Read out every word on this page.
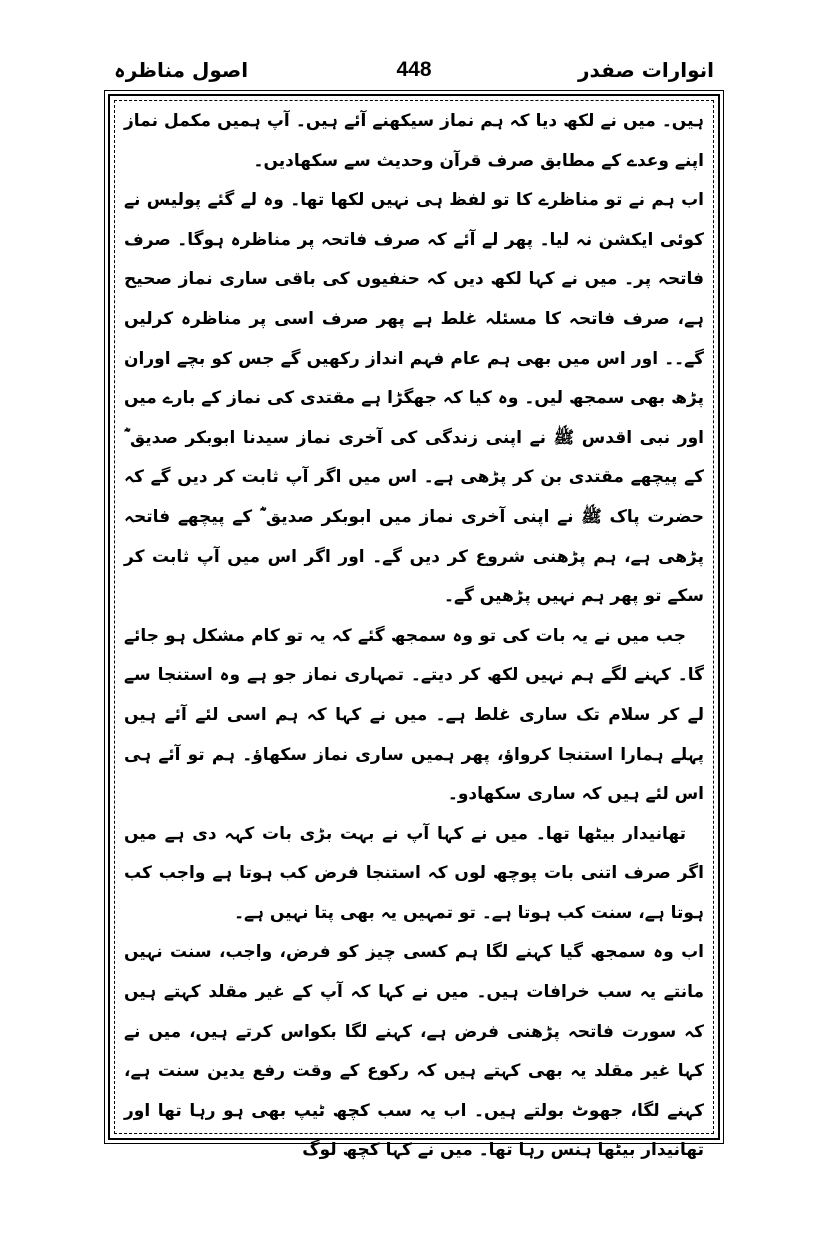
انوارات صفدر
448
اصول مناظرہ

ہیں۔ میں نے لکھ دیا کہ ہم نماز سیکھنے آئے ہیں۔ آپ ہمیں مکمل نماز اپنے وعدے کے مطابق صرف قرآن وحدیث سے سکھادیں۔

اب ہم نے تو مناظرے کا تو لفظ ہی نہیں لکھا تھا۔ وہ لے گئے پولیس نے کوئی ایکشن نہ لیا۔ پھر لے آئے کہ صرف فاتحہ پر مناظرہ ہوگا۔ صرف فاتحہ پر۔ میں نے کہا لکھ دیں کہ حنفیوں کی باقی ساری نماز صحیح ہے، صرف فاتحہ کا مسئلہ غلط ہے پھر صرف اسی پر مناظرہ کرلیں گے۔۔ اور اس میں بھی ہم عام فہم انداز رکھیں گے جس کو بچے اوران پڑھ بھی سمجھ لیں۔ وہ کیا کہ جھگڑا ہے مقتدی کی نماز کے بارے میں اور نبی اقدس ﷺ نے اپنی زندگی کی آخری نماز سیدنا ابوبکر صدیق ؓ کے پیچھے مقتدی بن کر پڑھی ہے۔ اس میں اگر آپ ثابت کر دیں گے کہ حضرت پاک ﷺ نے اپنی آخری نماز میں ابوبکر صدیق ؓ کے پیچھے فاتحہ پڑھی ہے، ہم پڑھنی شروع کر دیں گے۔ اور اگر اس میں آپ ثابت کر سکے تو پھر ہم نہیں پڑھیں گے۔

جب میں نے یہ بات کی تو وہ سمجھ گئے کہ یہ تو کام مشکل ہو جائے گا۔ کہنے لگے ہم نہیں لکھ کر دیتے۔ تمہاری نماز جو ہے وہ استنجا سے لے کر سلام تک ساری غلط ہے۔ میں نے کہا کہ ہم اسی لئے آئے ہیں پہلے ہمارا استنجا کرواؤ، پھر ہمیں ساری نماز سکھاؤ۔ ہم تو آئے ہی اس لئے ہیں کہ ساری سکھادو۔

تھانیدار بیٹھا تھا۔ میں نے کہا آپ نے بہت بڑی بات کہہ دی ہے میں اگر صرف اتنی بات پوچھ لوں کہ استنجا فرض کب ہوتا ہے واجب کب ہوتا ہے، سنت کب ہوتا ہے۔ تو تمہیں یہ بھی پتا نہیں ہے۔

اب وہ سمجھ گیا کہنے لگا ہم کسی چیز کو فرض، واجب، سنت نہیں مانتے یہ سب خرافات ہیں۔ میں نے کہا کہ آپ کے غیر مقلد کہتے ہیں کہ سورت فاتحہ پڑھنی فرض ہے، کہنے لگا بکواس کرتے ہیں، میں نے کہا غیر مقلد یہ بھی کہتے ہیں کہ رکوع کے وقت رفع یدین سنت ہے، کہنے لگا، جھوٹ بولتے ہیں۔ اب یہ سب کچھ ٹیپ بھی ہو رہا تھا اور تھانیدار بیٹھا ہنس رہا تھا۔ میں نے کہا کچھ لوگ
